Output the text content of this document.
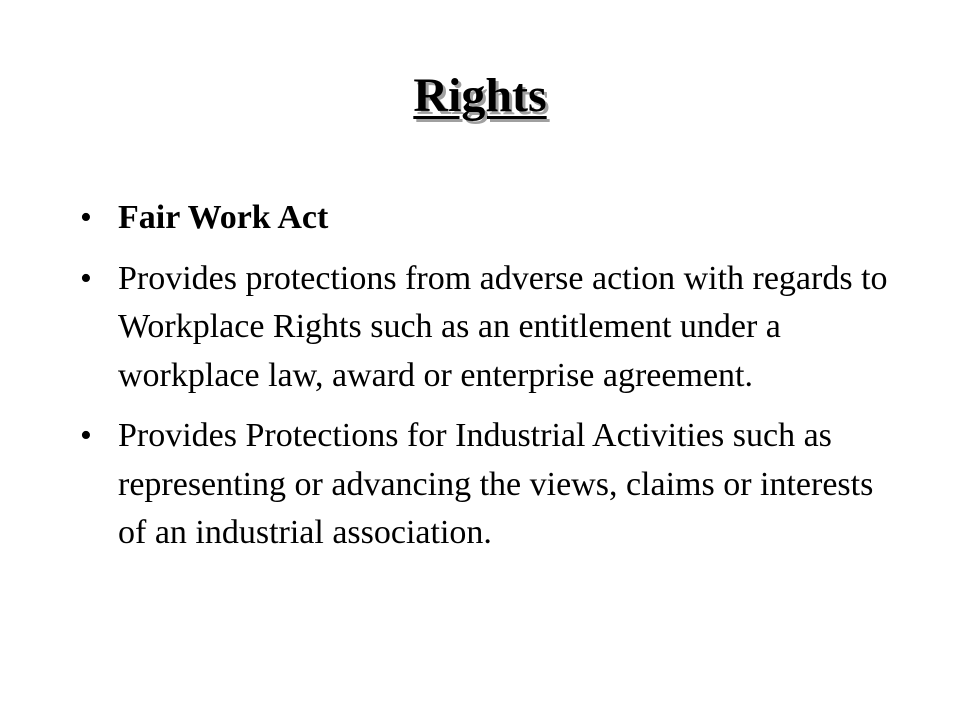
Rights
• Fair Work Act
• Provides protections from adverse action with regards to Workplace Rights such as an entitlement under a workplace law, award or enterprise agreement.
• Provides Protections for Industrial Activities such as representing or advancing the views, claims or interests of an industrial association.
